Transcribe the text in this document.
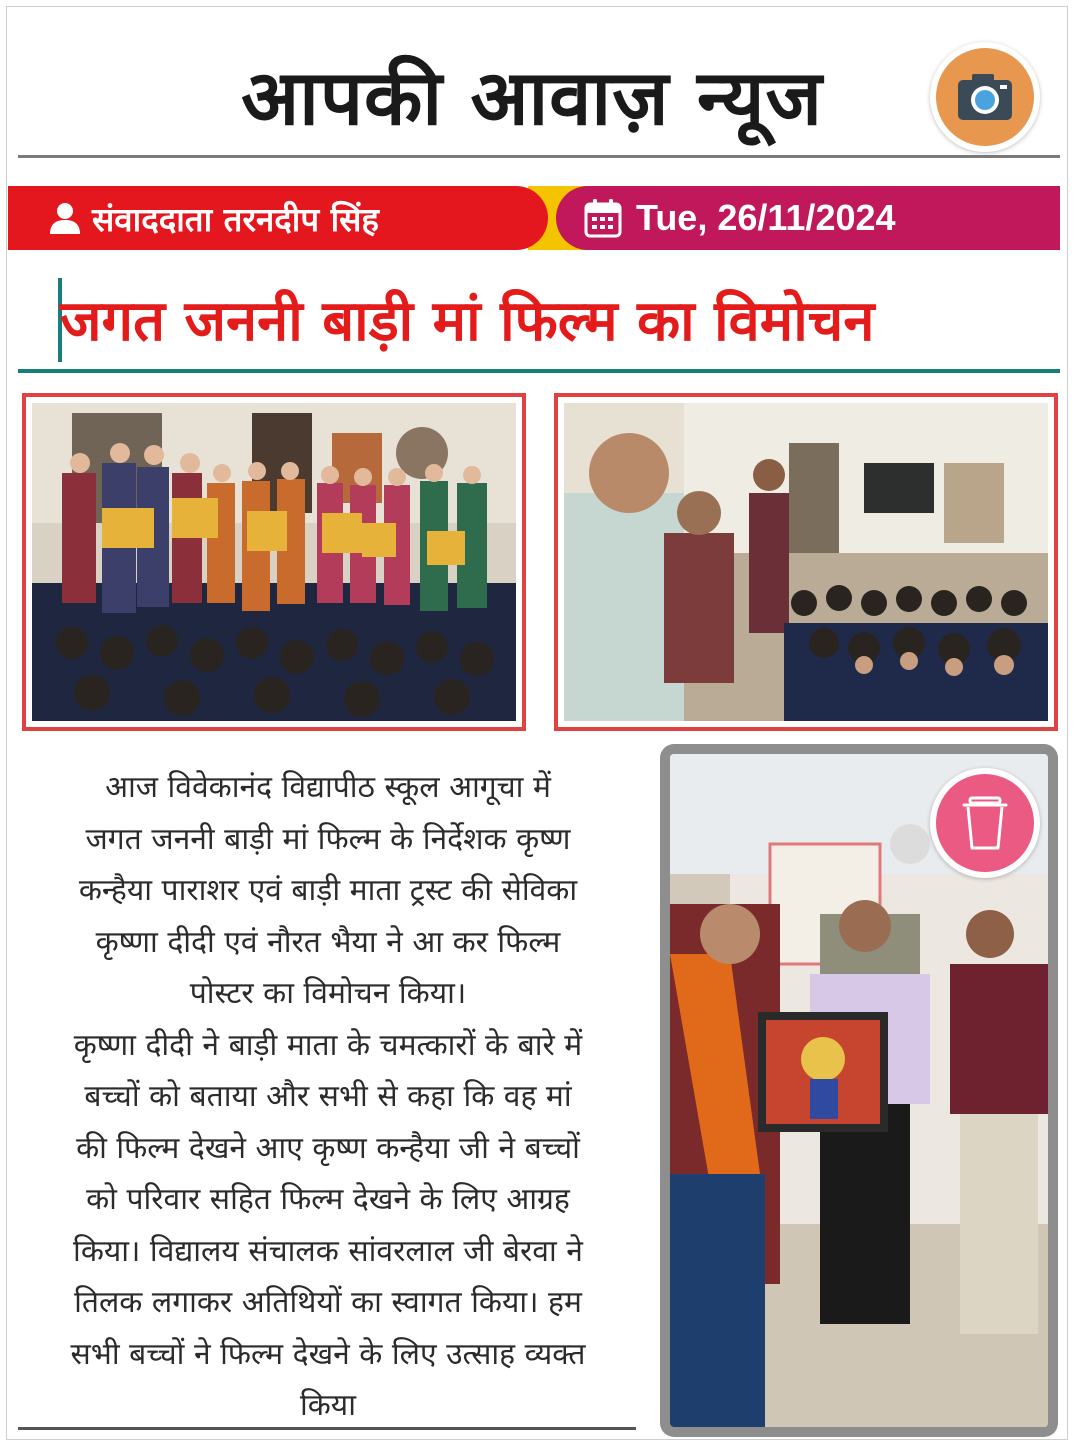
आपकी आवाज़ न्यूज
संवाददाता तरनदीप सिंह	Tue, 26/11/2024
जगत जननी बाड़ी मां फिल्म का विमोचन

आज विवेकानंद विद्यापीठ स्कूल आगूचा में

जगत जननी बाड़ी मां फिल्म के निर्देशक कृष्ण

कन्हैया पाराशर एवं बाड़ी माता ट्रस्ट की सेविका

कृष्णा दीदी एवं नौरत भैया ने आ कर फिल्म

पोस्टर का विमोचन किया।

कृष्णा दीदी ने बाड़ी माता के चमत्कारों के बारे में

बच्चों को बताया और सभी से कहा कि वह मां

की फिल्म देखने आए कृष्ण कन्हैया जी ने बच्चों

को परिवार सहित फिल्म देखने के लिए आग्रह

किया। विद्यालय संचालक सांवरलाल जी बेरवा ने

तिलक लगाकर अतिथियों का स्वागत किया। हम

सभी बच्चों ने फिल्म देखने के लिए उत्साह व्यक्त

किया
